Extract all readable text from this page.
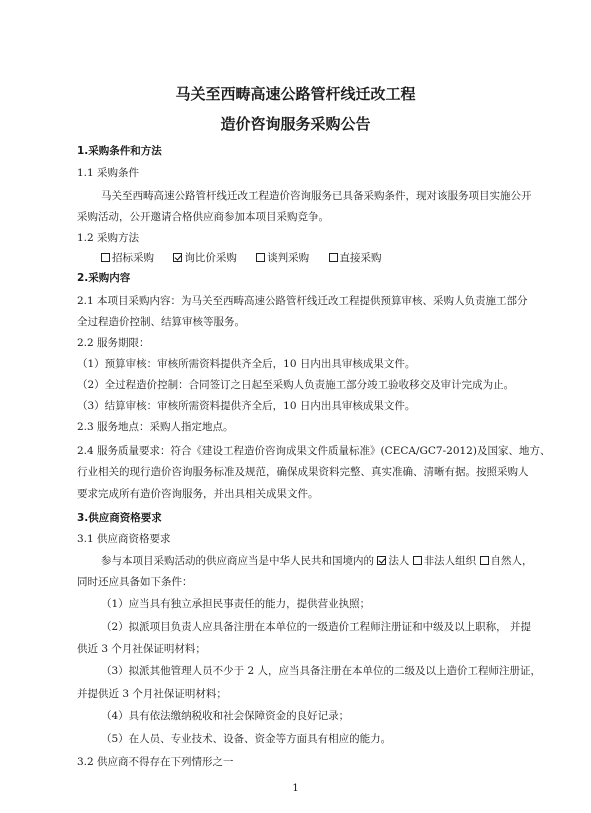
马关至西畴高速公路管杆线迁改工程
造价咨询服务采购公告
1.采购条件和方法
1.1 采购条件
马关至西畴高速公路管杆线迁改工程造价咨询服务已具备采购条件，现对该服务项目实施公开
采购活动，公开邀请合格供应商参加本项目采购竞争。
1.2 采购方法
招标采购	询比价采购	谈判采购	直接采购
2.采购内容
2.1 本项目采购内容：为马关至西畴高速公路管杆线迁改工程提供预算审核、采购人负责施工部分
全过程造价控制、结算审核等服务。
2.2 服务期限：
（1）预算审核：审核所需资料提供齐全后，10 日内出具审核成果文件。
（2）全过程造价控制：合同签订之日起至采购人负责施工部分竣工验收移交及审计完成为止。
（3）结算审核：审核所需资料提供齐全后，10 日内出具审核成果文件。
2.3 服务地点：采购人指定地点。
2.4 服务质量要求：符合《建设工程造价咨询成果文件质量标准》(CECA/GC7-2012)及国家、地方、
行业相关的现行造价咨询服务标准及规范，确保成果资料完整、真实准确、清晰有据。按照采购人
要求完成所有造价咨询服务，并出具相关成果文件。
3.供应商资格要求
3.1 供应商资格要求
参与本项目采购活动的供应商应当是中华人民共和国境内的 法人 非法人组织 自然人，
同时还应具备如下条件：
（1）应当具有独立承担民事责任的能力，提供营业执照；
（2）拟派项目负责人应具备注册在本单位的一级造价工程师注册证和中级及以上职称， 并提
供近 3 个月社保证明材料；
（3）拟派其他管理人员不少于 2 人，应当具备注册在本单位的二级及以上造价工程师注册证，
并提供近 3 个月社保证明材料；
（4）具有依法缴纳税收和社会保障资金的良好记录；
（5）在人员、专业技术、设备、资金等方面具有相应的能力。
3.2 供应商不得存在下列情形之一
1
